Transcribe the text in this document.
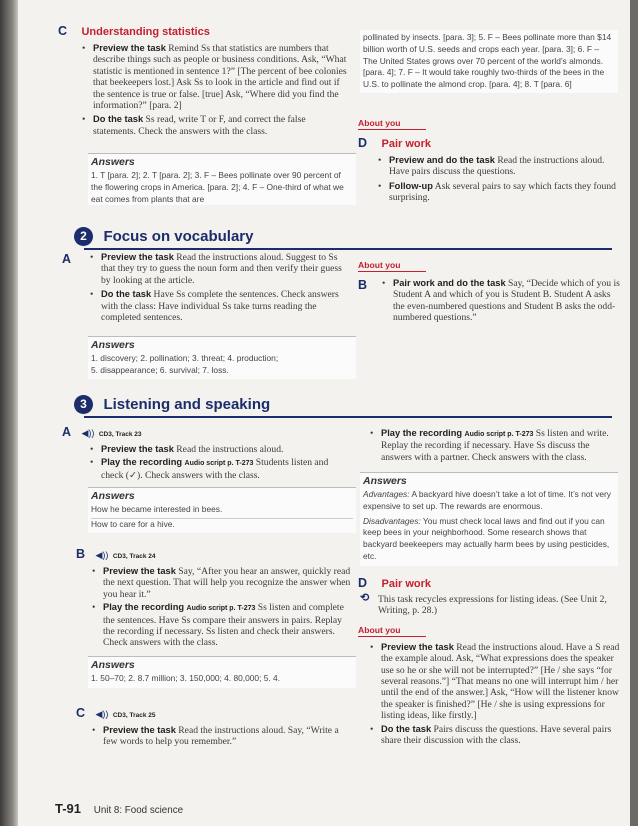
C Understanding statistics
• Preview the task Remind Ss that statistics are numbers that describe things such as people or business conditions. Ask, “What statistic is mentioned in sentence 1?” [The percent of bee colonies that beekeepers lost.] Ask Ss to look in the article and find out if the sentence is true or false. [true] Ask, “Where did you find the information?” [para. 2]
• Do the task Ss read, write T or F, and correct the false statements. Check the answers with the class.
Answers
1. T [para. 2]; 2. T [para. 2]; 3. F – Bees pollinate over 90 percent of the flowering crops in America. [para. 2]; 4. F – One-third of what we eat comes from plants that are
pollinated by insects. [para. 3]; 5. F – Bees pollinate more than $14 billion worth of U.S. seeds and crops each year. [para. 3]; 6. F – The United States grows over 70 percent of the world’s almonds. [para. 4]; 7. F – It would take roughly two-thirds of the bees in the U.S. to pollinate the almond crop. [para. 4]; 8. T [para. 6]
About you
D Pair work
• Preview and do the task Read the instructions aloud. Have pairs discuss the questions.
• Follow-up Ask several pairs to say which facts they found surprising.
2 Focus on vocabulary
A	• Preview the task Read the instructions aloud. Suggest to Ss that they try to guess the noun form and then verify their guess by looking at the article.
• Do the task Have Ss complete the sentences. Check answers with the class: Have individual Ss take turns reading the completed sentences.
Answers
1. discovery; 2. pollination; 3. threat; 4. production;
5. disappearance; 6. survival; 7. loss.
About you
B	• Pair work and do the task Say, “Decide which of you is Student A and which of you is Student B. Student A asks the even-numbered questions and Student B asks the odd-numbered questions.”
3 Listening and speaking
A ◀)) CD3, Track 23
• Preview the task Read the instructions aloud.
• Play the recording Audio script p. T-273 Students listen and check (✓). Check answers with the class.
Answers
How he became interested in bees.
How to care for a hive.
B ◀)) CD3, Track 24
• Preview the task Say, “After you hear an answer, quickly read the next question. That will help you recognize the answer when you hear it.”
• Play the recording Audio script p. T-273 Ss listen and complete the sentences. Have Ss compare their answers in pairs. Replay the recording if necessary. Ss listen and check their answers. Check answers with the class.
Answers
1. 50–70; 2. 8.7 million; 3. 150,000; 4. 80,000; 5. 4.
C ◀)) CD3, Track 25
• Preview the task Read the instructions aloud. Say, “Write a few words to help you remember.”
• Play the recording Audio script p. T-273 Ss listen and write. Replay the recording if necessary. Have Ss discuss the answers with a partner. Check answers with the class.
Answers
Advantages: A backyard hive doesn’t take a lot of time. It’s not very expensive to set up. The rewards are enormous.
Disadvantages: You must check local laws and find out if you can keep bees in your neighborhood. Some research shows that backyard beekeepers may actually harm bees by using pesticides, etc.
D Pair work
⟲ This task recycles expressions for listing ideas. (See Unit 2, Writing, p. 28.)
About you
• Preview the task Read the instructions aloud. Have a S read the example aloud. Ask, “What expressions does the speaker use so he or she will not be interrupted?” [He / she says “for several reasons.”] “That means no one will interrupt him / her until the end of the answer.] Ask, “How will the listener know the speaker is finished?” [He / she is using expressions for listing ideas, like firstly.]
• Do the task Pairs discuss the questions. Have several pairs share their discussion with the class.
T-91 Unit 8: Food science
